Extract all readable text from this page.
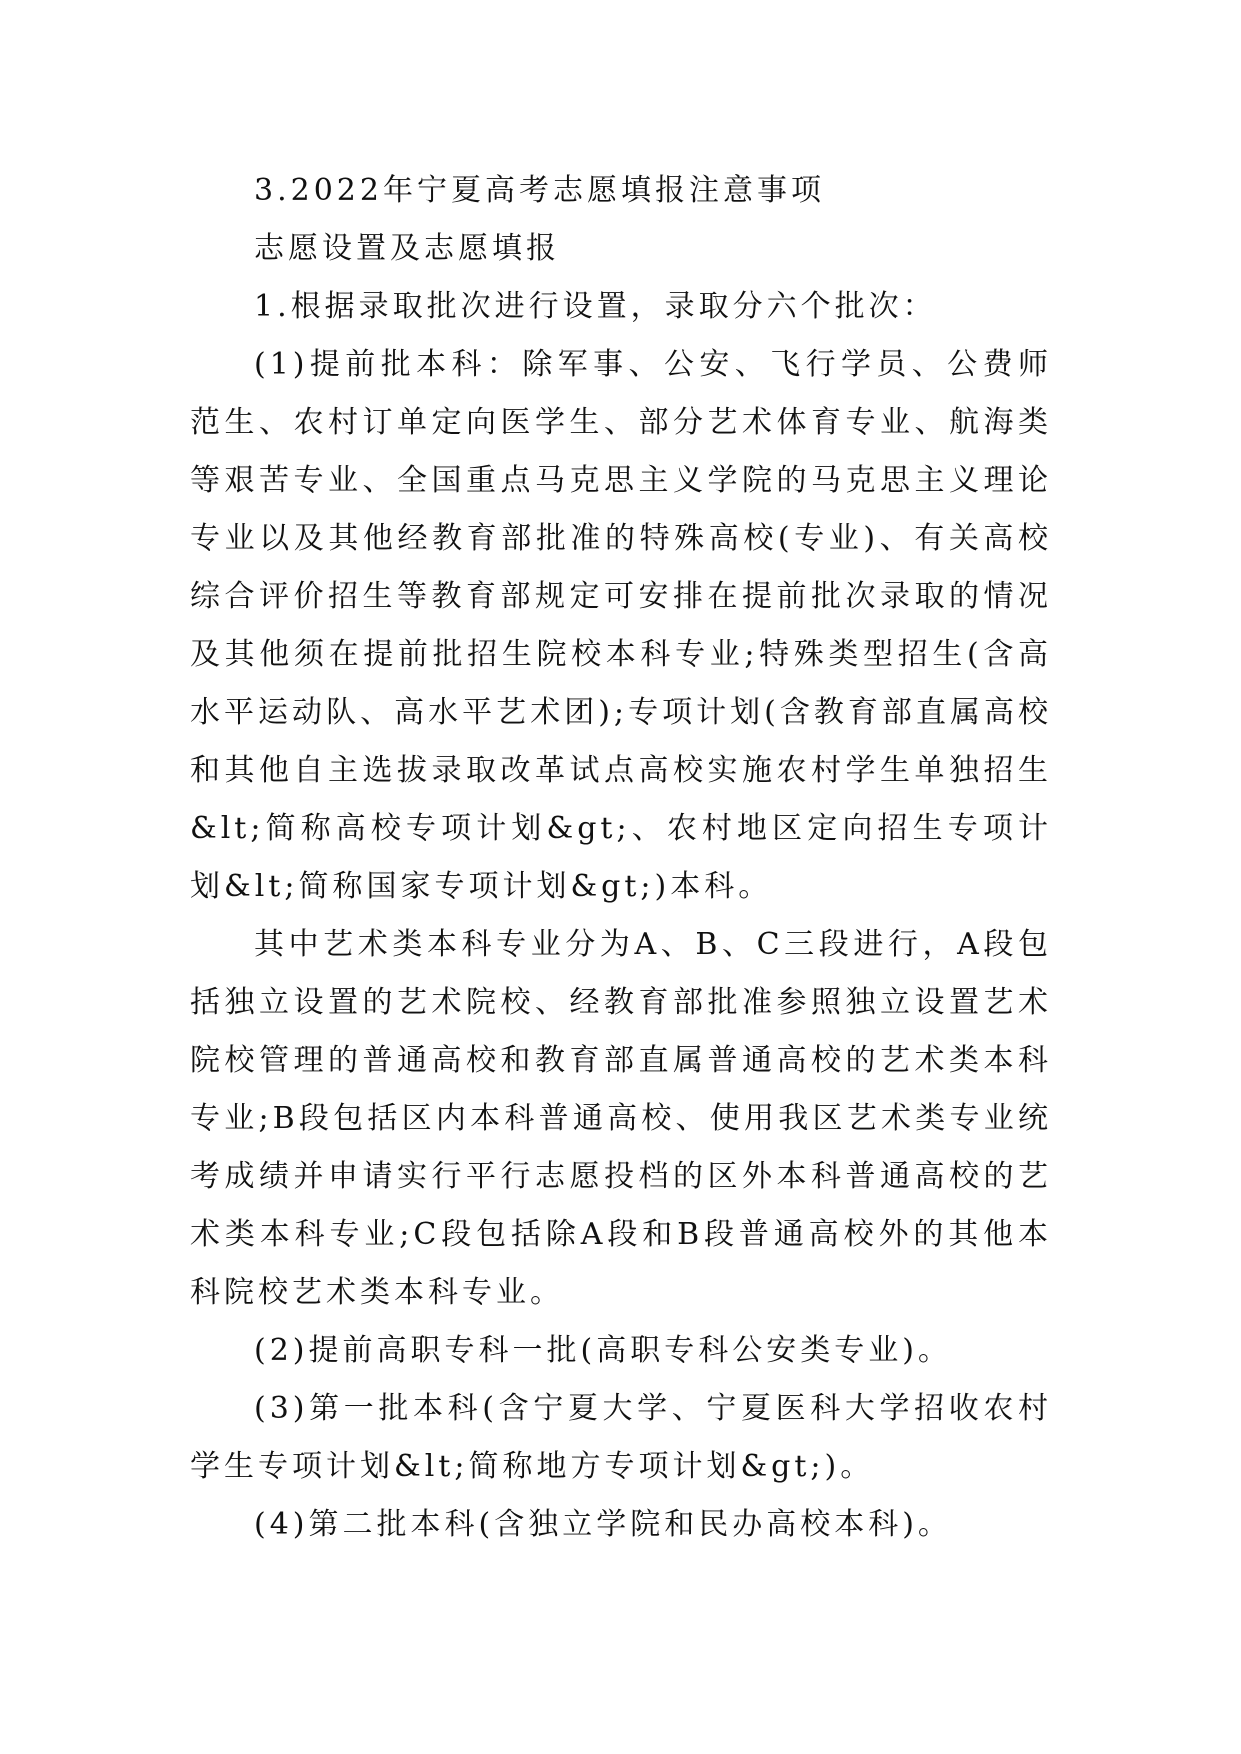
3.2022年宁夏高考志愿填报注意事项

志愿设置及志愿填报

1.根据录取批次进行设置，录取分六个批次：

(1)提前批本科：除军事、公安、飞行学员、公费师范生、农村订单定向医学生、部分艺术体育专业、航海类等艰苦专业、全国重点马克思主义学院的马克思主义理论专业以及其他经教育部批准的特殊高校(专业)、有关高校综合评价招生等教育部规定可安排在提前批次录取的情况及其他须在提前批招生院校本科专业;特殊类型招生(含高水平运动队、高水平艺术团);专项计划(含教育部直属高校和其他自主选拔录取改革试点高校实施农村学生单独招生&lt;简称高校专项计划&gt;、农村地区定向招生专项计划&lt;简称国家专项计划&gt;)本科。

其中艺术类本科专业分为A、B、C三段进行，A段包括独立设置的艺术院校、经教育部批准参照独立设置艺术院校管理的普通高校和教育部直属普通高校的艺术类本科专业;B段包括区内本科普通高校、使用我区艺术类专业统考成绩并申请实行平行志愿投档的区外本科普通高校的艺术类本科专业;C段包括除A段和B段普通高校外的其他本科院校艺术类本科专业。

(2)提前高职专科一批(高职专科公安类专业)。

(3)第一批本科(含宁夏大学、宁夏医科大学招收农村学生专项计划&lt;简称地方专项计划&gt;)。

(4)第二批本科(含独立学院和民办高校本科)。
